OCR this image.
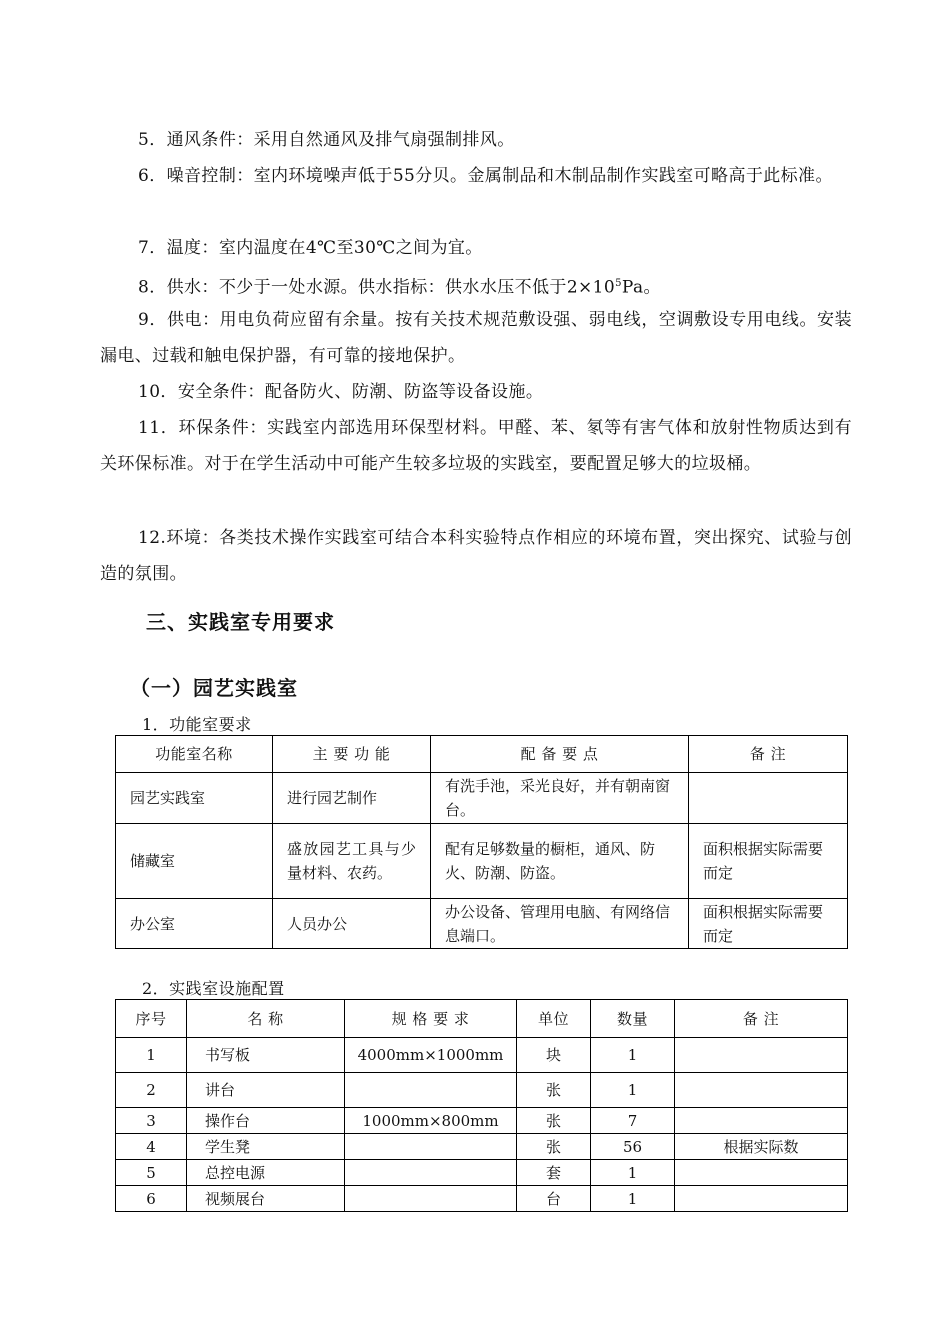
5．通风条件：采用自然通风及排气扇强制排风。

6．噪音控制：室内环境噪声低于55分贝。金属制品和木制品制作实践室可略高于此标准。

7．温度：室内温度在4℃至30℃之间为宜。

8．供水：不少于一处水源。供水指标：供水水压不低于$2\times 10^5Pa$。

9．供电：用电负荷应留有余量。按有关技术规范敷设强、弱电线，空调敷设专用电线。安装漏电、过载和触电保护器，有可靠的接地保护。

10．安全条件：配备防火、防潮、防盗等设备设施。

11．环保条件：实践室内部选用环保型材料。甲醛、苯、氡等有害气体和放射性物质达到有关环保标准。对于在学生活动中可能产生较多垃圾的实践室，要配置足够大的垃圾桶。

12.环境：各类技术操作实践室可结合本科实验特点作相应的环境布置，突出探究、试验与创造的氛围。

三、实践室专用要求
（一）园艺实践室

1．功能室要求

功能室名称	主 要 功 能	配 备 要 点	备 注
园艺实践室	进行园艺制作	有洗手池，采光良好，并有朝南窗台。	
储藏室	盛放园艺工具与少量材料、农药。	配有足够数量的橱柜，通风、防火、防潮、防盗。	面积根据实际需要而定
办公室	人员办公	办公设备、管理用电脑、有网络信息端口。	面积根据实际需要而定

2．实践室设施配置

序号	名 称	规 格 要 求	单位	数量	备 注
1	书写板	4000mm×1000mm	块	1	
2	讲台		张	1	
3	操作台	1000mm×800mm	张	7	
4	学生凳		张	56	根据实际数
5	总控电源		套	1	
6	视频展台		台	1	
